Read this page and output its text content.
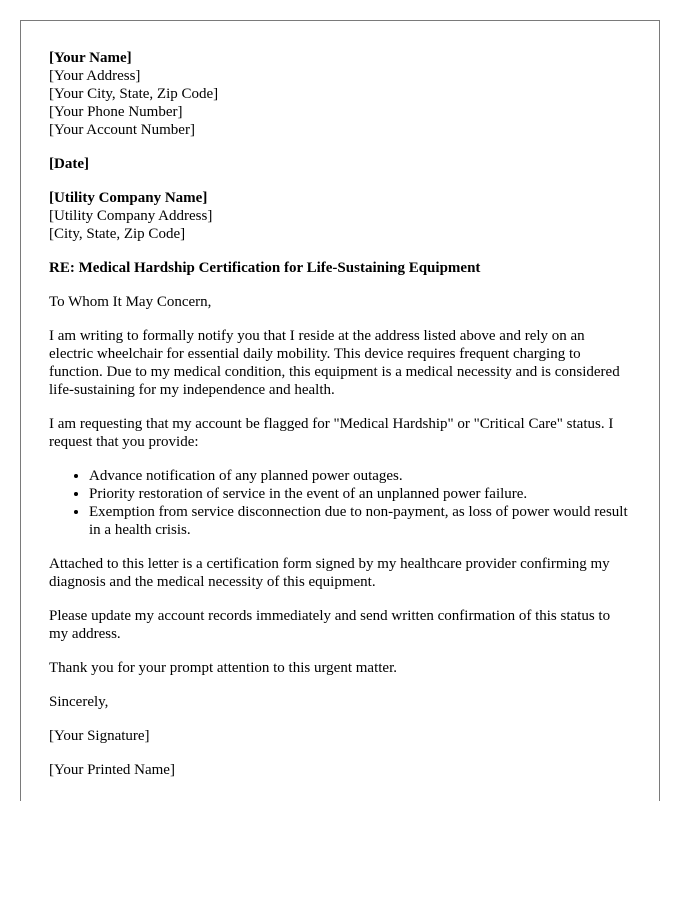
[Your Name]
[Your Address]
[Your City, State, Zip Code]
[Your Phone Number]
[Your Account Number]
[Date]
[Utility Company Name]
[Utility Company Address]
[City, State, Zip Code]

RE: Medical Hardship Certification for Life-Sustaining Equipment

To Whom It May Concern,

I am writing to formally notify you that I reside at the address listed above and rely on an electric wheelchair for essential daily mobility. This device requires frequent charging to function. Due to my medical condition, this equipment is a medical necessity and is considered life-sustaining for my independence and health.

I am requesting that my account be flagged for "Medical Hardship" or "Critical Care" status. I request that you provide:

• Advance notification of any planned power outages.
• Priority restoration of service in the event of an unplanned power failure.
• Exemption from service disconnection due to non-payment, as loss of power would result in a health crisis.

Attached to this letter is a certification form signed by my healthcare provider confirming my diagnosis and the medical necessity of this equipment.

Please update my account records immediately and send written confirmation of this status to my address.

Thank you for your prompt attention to this urgent matter.

Sincerely,

[Your Signature]

[Your Printed Name]
